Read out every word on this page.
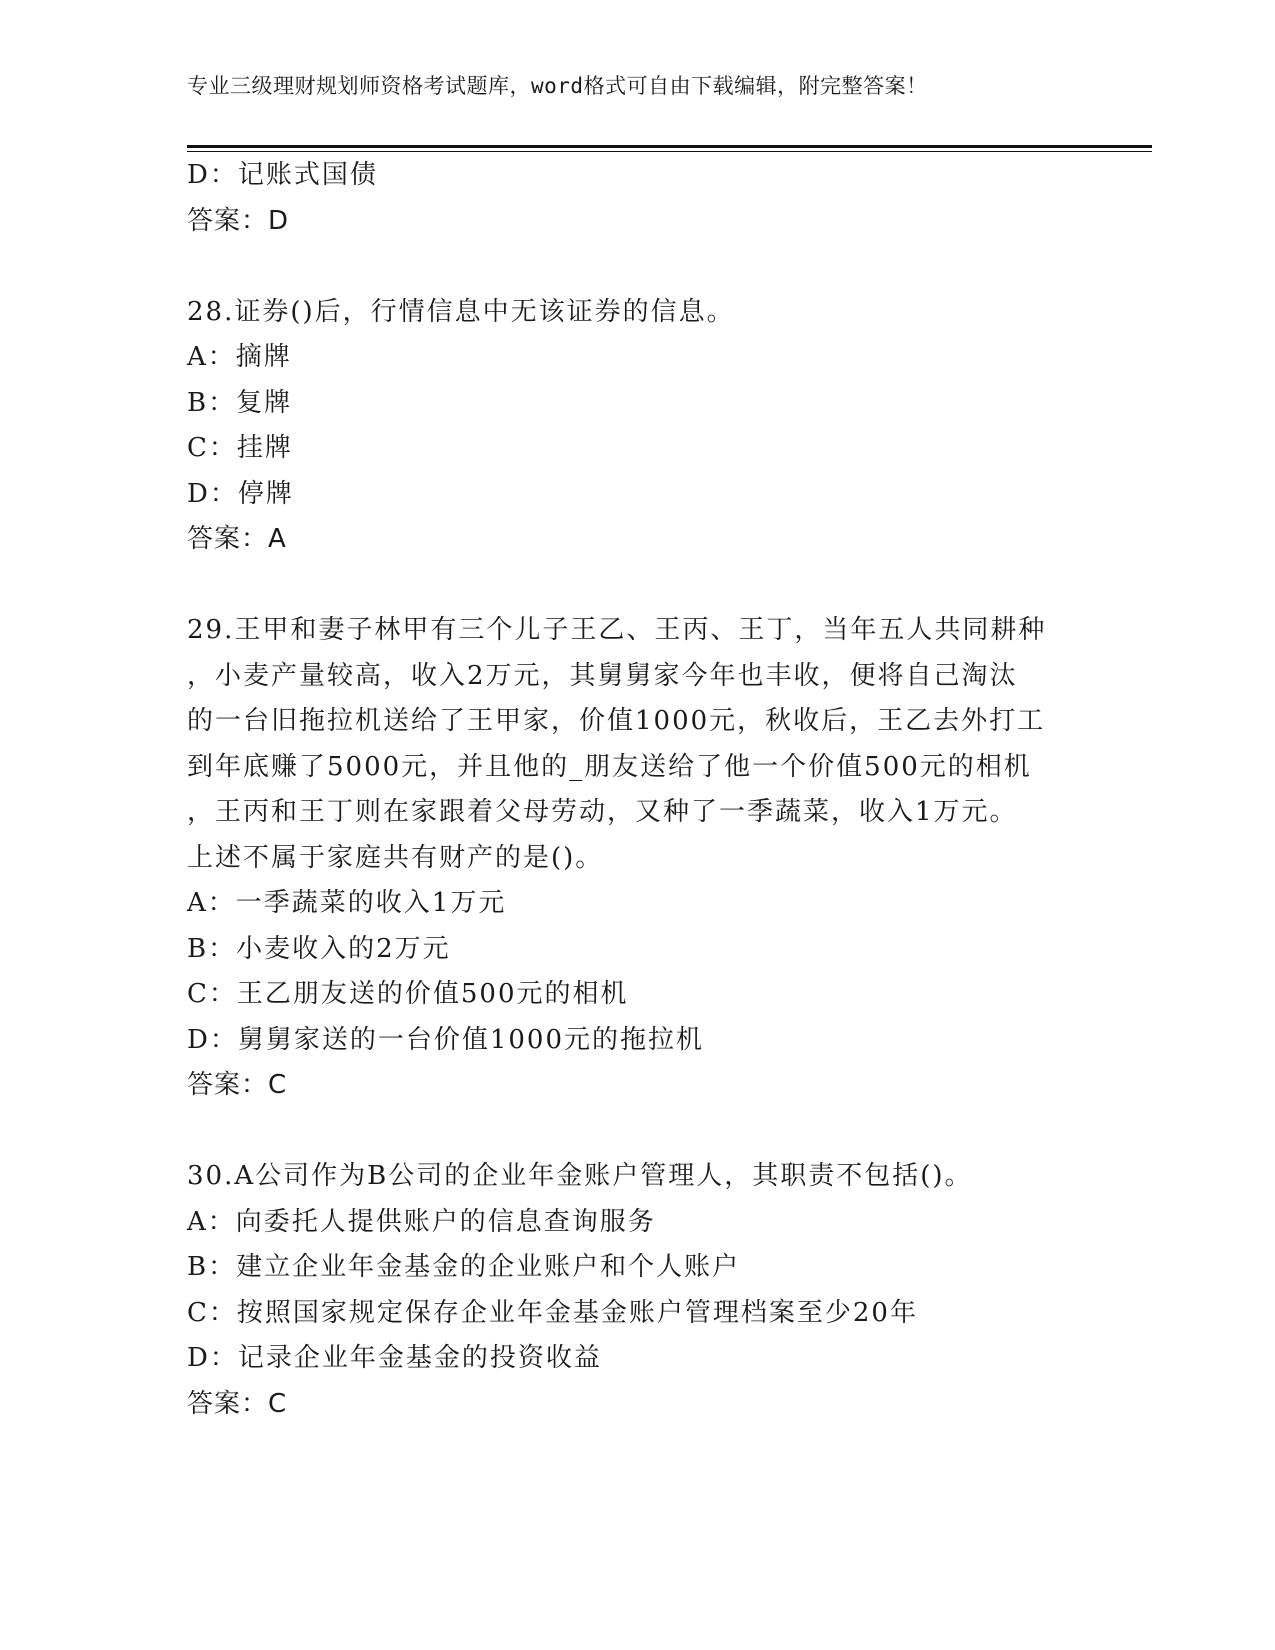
专业三级理财规划师资格考试题库，word格式可自由下载编辑，附完整答案！
D：记账式国债
答案：D
28.证券()后，行情信息中无该证券的信息。
A：摘牌
B：复牌
C：挂牌
D：停牌
答案：A
29.王甲和妻子林甲有三个儿子王乙、王丙、王丁，当年五人共同耕种
，小麦产量较高，收入2万元，其舅舅家今年也丰收，便将自己淘汰
的一台旧拖拉机送给了王甲家，价值1000元，秋收后，王乙去外打工
到年底赚了5000元，并且他的_朋友送给了他一个价值500元的相机
，王丙和王丁则在家跟着父母劳动，又种了一季蔬菜，收入1万元。
上述不属于家庭共有财产的是()。
A：一季蔬菜的收入1万元
B：小麦收入的2万元
C：王乙朋友送的价值500元的相机
D：舅舅家送的一台价值1000元的拖拉机
答案：C
30.A公司作为B公司的企业年金账户管理人，其职责不包括()。
A：向委托人提供账户的信息查询服务
B：建立企业年金基金的企业账户和个人账户
C：按照国家规定保存企业年金基金账户管理档案至少20年
D：记录企业年金基金的投资收益
答案：C
